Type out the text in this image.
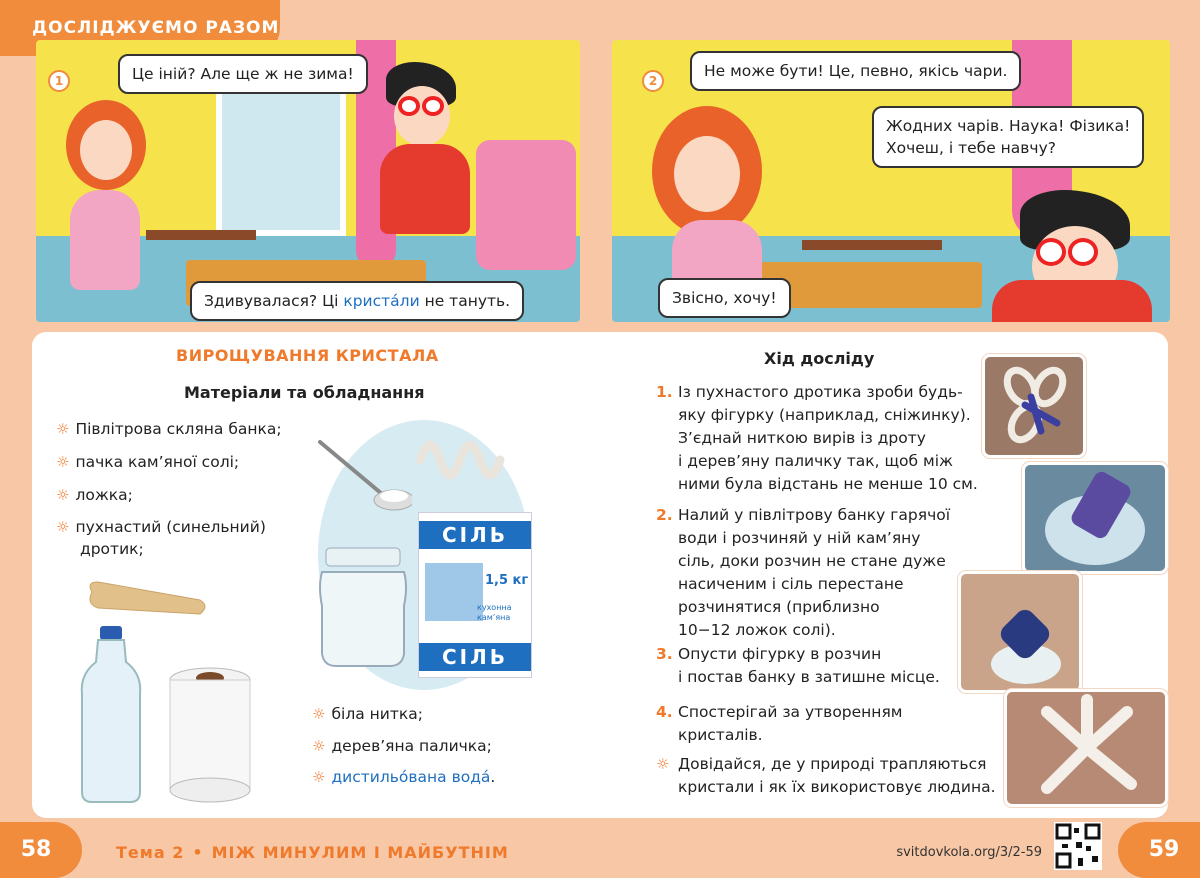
ДОСЛІДЖУЄМО РАЗОМ
1	Це іній? Але ще ж не зима!
Здивувалася? Ці криста́ли не тануть.
2
Не може бути! Це, певно, якісь чари.
Жодних чарів. Наука! Фізика!
Хочеш, і тебе навчу?
Звісно, хочу!
ВИРОЩУВАННЯ КРИСТАЛА
Матеріали та обладнання
☼ Півлітрова скляна банка;
☼ пачка кам’яної солі;
☼ ложка;
☼ пухнастий (синельний)
дротик;
СІЛЬ
1,5 кг
кухонна кам’яна
СІЛЬ
☼ біла нитка;
☼ дерев’яна паличка;
☼ дистильо́вана вода́.
Хід досліду
1. Із пухнастого дротика зроби будь-
яку фігурку (наприклад, сніжинку).
З’єднай ниткою вирів із дроту
і дерев’яну паличку так, щоб між
ними була відстань не менше 10 см.
2. Налий у півлітрову банку гарячої
води і розчиняй у ній кам’яну
сіль, доки розчин не стане дуже
насиченим і сіль перестане
розчинятися (приблизно
10−12 ложок солі).
3. Опусти фігурку в розчин
і постав банку в затишне місце.
4. Спостерігай за утворенням
кристалів.
☼ Довідайся, де у природі трапляються
кристали і як їх використовує людина.
58	Тема 2 • МІЖ МИНУЛИМ І МАЙБУТНІМ	svitdovkola.org/3/2-59	59
